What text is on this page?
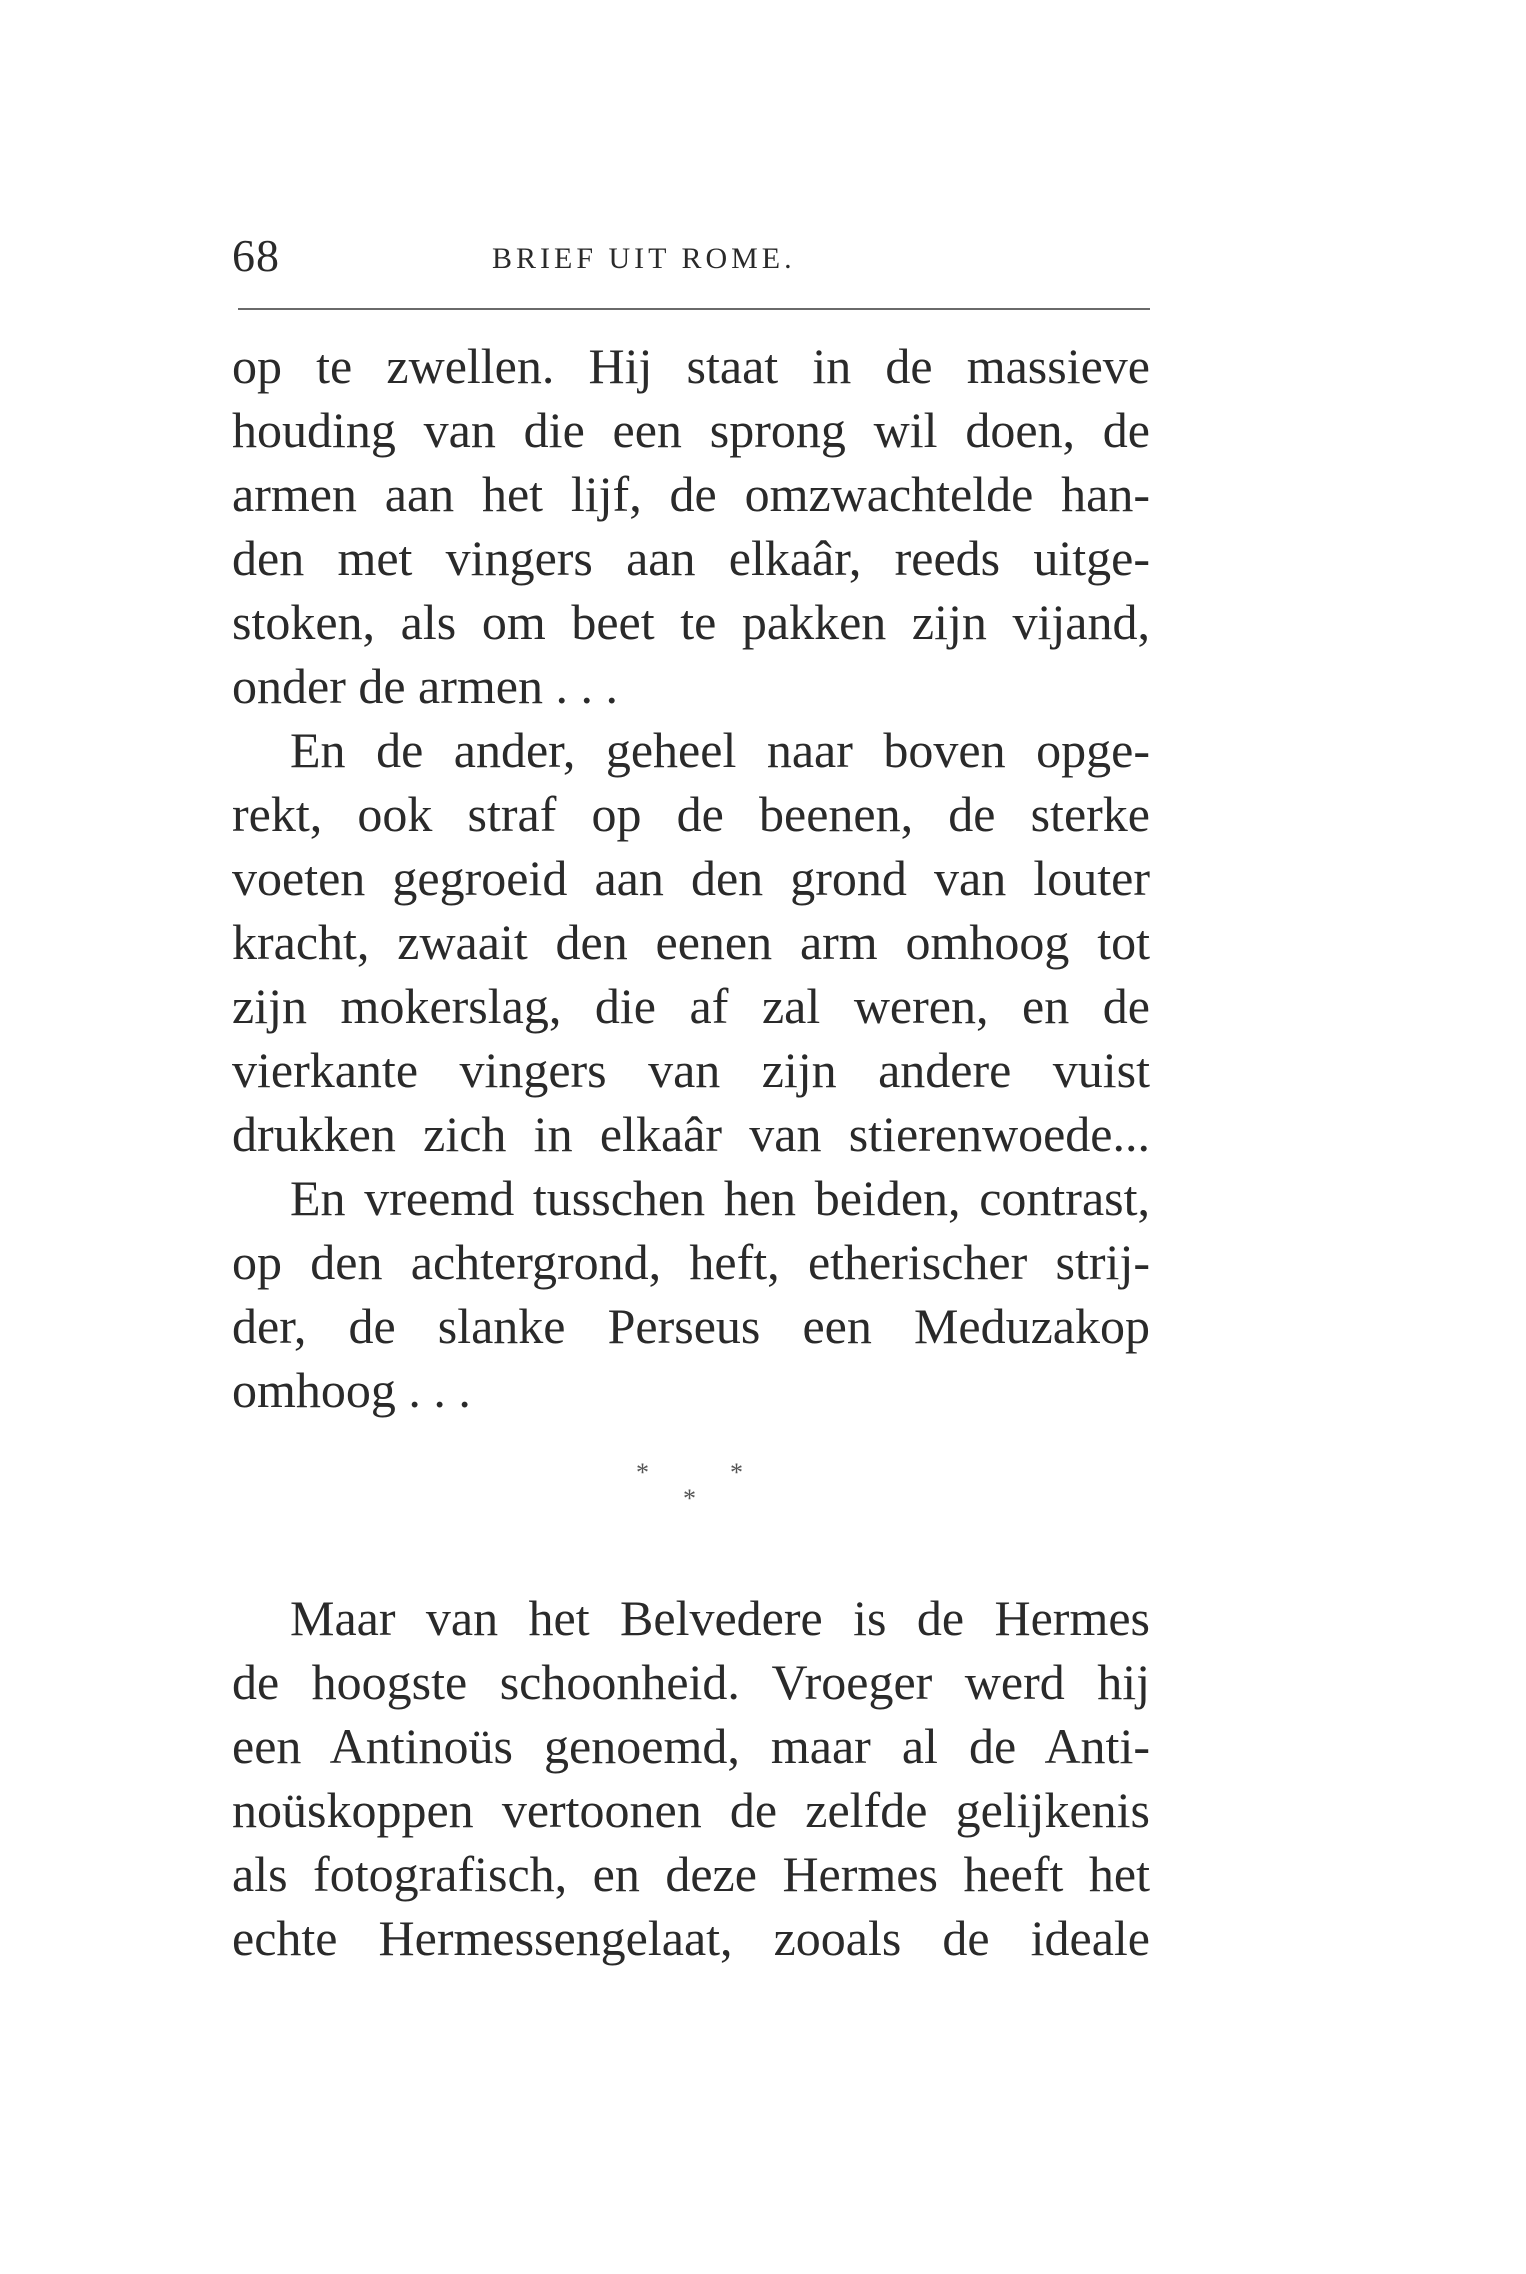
68	BRIEF UIT ROME.
op te zwellen. Hij staat in de massieve
houding van die een sprong wil doen, de
armen aan het lijf, de omzwachtelde han-
den met vingers aan elkaâr, reeds uitge-
stoken, als om beet te pakken zijn vijand,
onder de armen . . .
En de ander, geheel naar boven opge-
rekt, ook straf op de beenen, de sterke
voeten gegroeid aan den grond van louter
kracht, zwaait den eenen arm omhoog tot
zijn mokerslag, die af zal weren, en de
vierkante vingers van zijn andere vuist
drukken zich in elkaâr van stierenwoede...
En vreemd tusschen hen beiden, contrast,
op den achtergrond, heft, etherischer strij-
der, de slanke Perseus een Meduzakop
omhoog . . .
*	*
*
Maar van het Belvedere is de Hermes
de hoogste schoonheid. Vroeger werd hij
een Antinoüs genoemd, maar al de Anti-
noüskoppen vertoonen de zelfde gelijkenis
als fotografisch, en deze Hermes heeft het
echte Hermessengelaat, zooals de ideale
